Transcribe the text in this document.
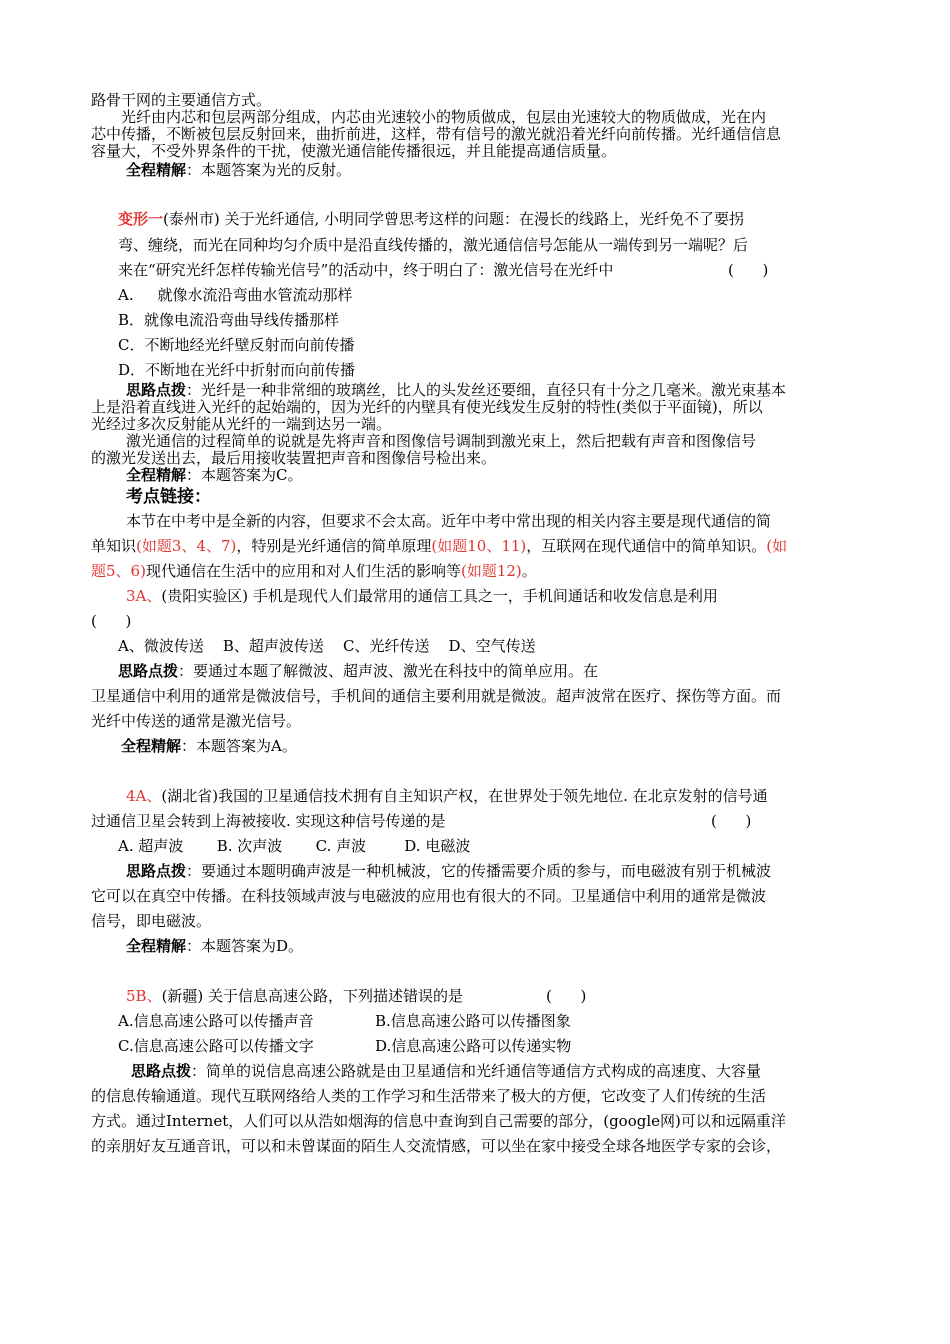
路骨干网的主要通信方式。
光纤由内芯和包层两部分组成，内芯由光速较小的物质做成，包层由光速较大的物质做成，光在内
芯中传播，不断被包层反射回来，曲折前进，这样，带有信号的激光就沿着光纤向前传播。光纤通信信息
容量大，不受外界条件的干扰，使激光通信能传播很远，并且能提高通信质量。
全程精解：本题答案为光的反射。
变形一(泰州市) 关于光纤通信, 小明同学曾思考这样的问题：在漫长的线路上，光纤免不了要拐
弯、缠绕，而光在同种均匀介质中是沿直线传播的，激光通信信号怎能从一端传到另一端呢？后
来在“研究光纤怎样传输光信号”的活动中，终于明白了：激光信号在光纤中	(      )
A.     就像水流沿弯曲水管流动那样
B．就像电流沿弯曲导线传播那样
C．不断地经光纤壁反射而向前传播
D．不断地在光纤中折射而向前传播
思路点拨：光纤是一种非常细的玻璃丝，比人的头发丝还要细，直径只有十分之几毫米。激光束基本
上是沿着直线进入光纤的起始端的，因为光纤的内壁具有使光线发生反射的特性(类似于平面镜)，所以
光经过多次反射能从光纤的一端到达另一端。
激光通信的过程简单的说就是先将声音和图像信号调制到激光束上，然后把载有声音和图像信号
的激光发送出去，最后用接收装置把声音和图像信号检出来。
全程精解：本题答案为C。
考点链接：
本节在中考中是全新的内容，但要求不会太高。近年中考中常出现的相关内容主要是现代通信的简
单知识(如题3、4、7)，特别是光纤通信的简单原理(如题10、11)，互联网在现代通信中的简单知识。(如
题5、6)现代通信在生活中的应用和对人们生活的影响等(如题12)。
3A、(贵阳实验区) 手机是现代人们最常用的通信工具之一，手机间通话和收发信息是利用
(      )
A、微波传送    B、超声波传送    C、光纤传送    D、空气传送
思路点拨：要通过本题了解微波、超声波、激光在科技中的简单应用。在
卫星通信中利用的通常是微波信号，手机间的通信主要利用就是微波。超声波常在医疗、探伤等方面。而
光纤中传送的通常是激光信号。
全程精解：本题答案为A。
4A、(湖北省)我国的卫星通信技术拥有自主知识产权，在世界处于领先地位. 在北京发射的信号通
过通信卫星会转到上海被接收. 实现这种信号传递的是	(      )
A. 超声波       B. 次声波       C. 声波        D. 电磁波
思路点拨：要通过本题明确声波是一种机械波，它的传播需要介质的参与，而电磁波有别于机械波
它可以在真空中传播。在科技领域声波与电磁波的应用也有很大的不同。卫星通信中利用的通常是微波
信号，即电磁波。
全程精解：本题答案为D。
5B、(新疆) 关于信息高速公路，下列描述错误的是	(      )
A.信息高速公路可以传播声音	B.信息高速公路可以传播图象
C.信息高速公路可以传播文字	D.信息高速公路可以传递实物
思路点拨：简单的说信息高速公路就是由卫星通信和光纤通信等通信方式构成的高速度、大容量
的信息传输通道。现代互联网络给人类的工作学习和生活带来了极大的方便，它改变了人们传统的生活
方式。通过Internet，人们可以从浩如烟海的信息中查询到自己需要的部分，(google网)可以和远隔重洋
的亲朋好友互通音讯，可以和未曾谋面的陌生人交流情感，可以坐在家中接受全球各地医学专家的会诊，
